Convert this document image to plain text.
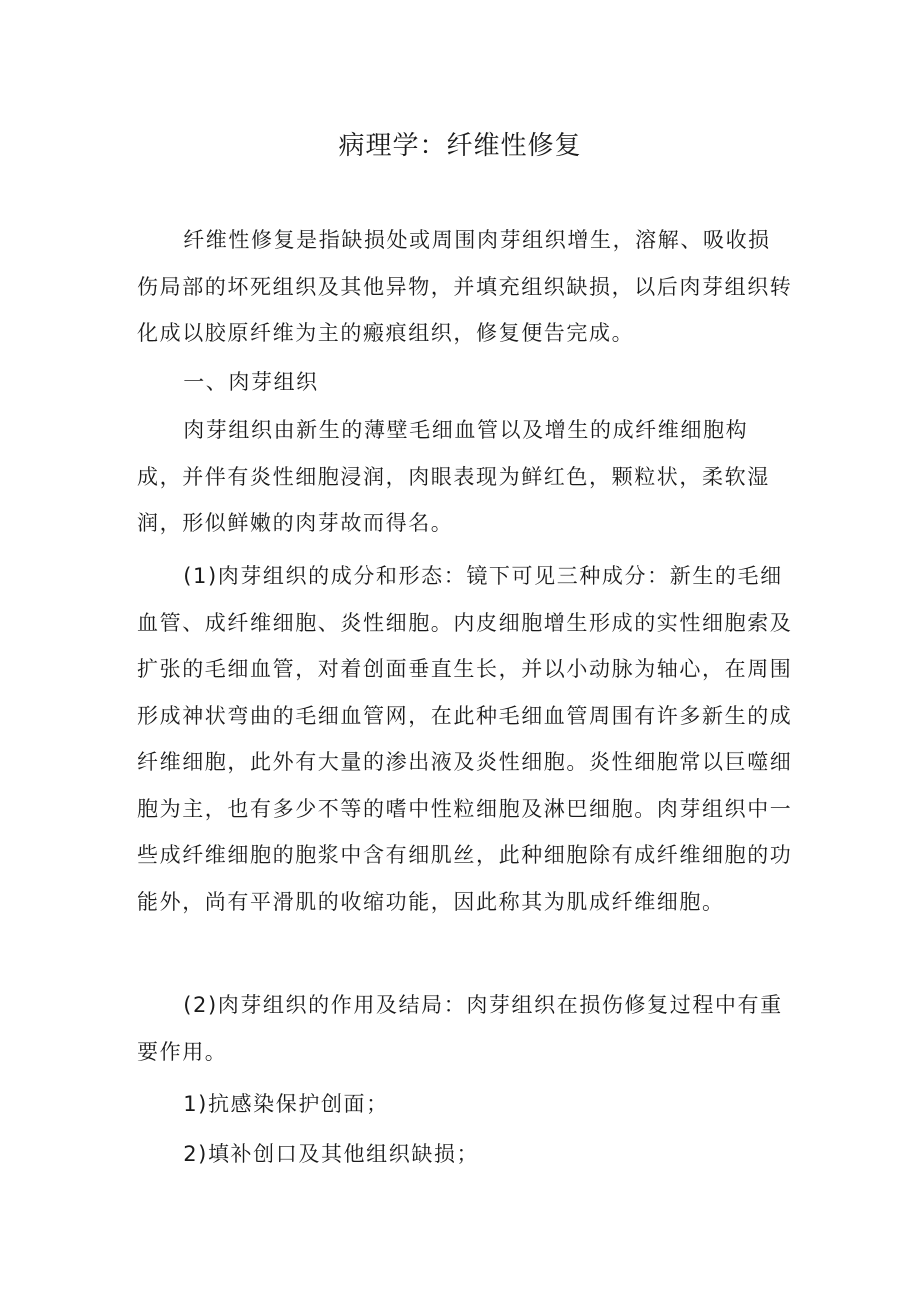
病理学：纤维性修复

纤维性修复是指缺损处或周围肉芽组织增生，溶解、吸收损伤局部的坏死组织及其他异物，并填充组织缺损，以后肉芽组织转化成以胶原纤维为主的瘢痕组织，修复便告完成。

一、肉芽组织

肉芽组织由新生的薄壁毛细血管以及增生的成纤维细胞构成，并伴有炎性细胞浸润，肉眼表现为鲜红色，颗粒状，柔软湿润，形似鲜嫩的肉芽故而得名。

(1)肉芽组织的成分和形态：镜下可见三种成分：新生的毛细血管、成纤维细胞、炎性细胞。内皮细胞增生形成的实性细胞索及扩张的毛细血管，对着创面垂直生长，并以小动脉为轴心，在周围形成神状弯曲的毛细血管网，在此种毛细血管周围有许多新生的成纤维细胞，此外有大量的渗出液及炎性细胞。炎性细胞常以巨噬细胞为主，也有多少不等的嗜中性粒细胞及淋巴细胞。肉芽组织中一些成纤维细胞的胞浆中含有细肌丝，此种细胞除有成纤维细胞的功能外，尚有平滑肌的收缩功能，因此称其为肌成纤维细胞。

(2)肉芽组织的作用及结局：肉芽组织在损伤修复过程中有重要作用。

1)抗感染保护创面；

2)填补创口及其他组织缺损；
